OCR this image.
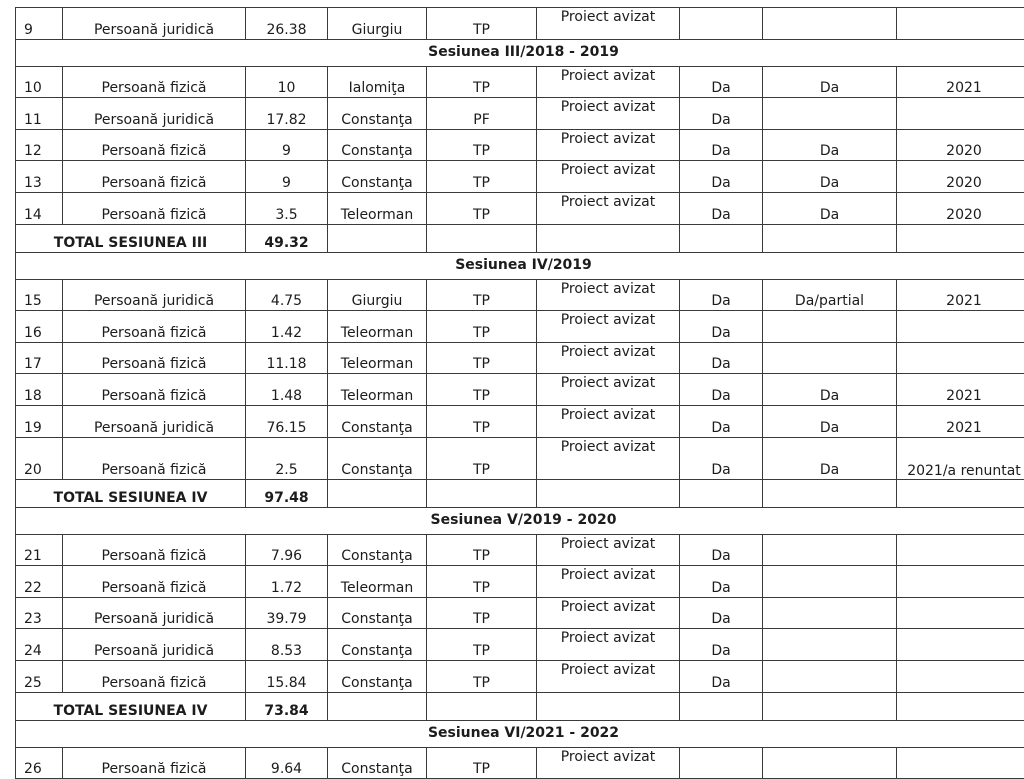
9	Persoană juridică	26.38	Giurgiu	TP	Proiect avizat			
Sesiunea III/2018 - 2019								
10	Persoană fizică	10	Ialomiţa	TP	Proiect avizat	Da	Da	2021
11	Persoană juridică	17.82	Constanţa	PF	Proiect avizat	Da		
12	Persoană fizică	9	Constanţa	TP	Proiect avizat	Da	Da	2020
13	Persoană fizică	9	Constanţa	TP	Proiect avizat	Da	Da	2020
14	Persoană fizică	3.5	Teleorman	TP	Proiect avizat	Da	Da	2020
TOTAL SESIUNEA III		49.32						
Sesiunea IV/2019								
15	Persoană juridică	4.75	Giurgiu	TP	Proiect avizat	Da	Da/partial	2021
16	Persoană fizică	1.42	Teleorman	TP	Proiect avizat	Da		
17	Persoană fizică	11.18	Teleorman	TP	Proiect avizat	Da		
18	Persoană fizică	1.48	Teleorman	TP	Proiect avizat	Da	Da	2021
19	Persoană juridică	76.15	Constanţa	TP	Proiect avizat	Da	Da	2021
20	Persoană fizică	2.5	Constanţa	TP	Proiect avizat	Da	Da	2021/a renuntat
TOTAL SESIUNEA IV		97.48						
Sesiunea V/2019 - 2020								
21	Persoană fizică	7.96	Constanţa	TP	Proiect avizat	Da		
22	Persoană fizică	1.72	Teleorman	TP	Proiect avizat	Da		
23	Persoană juridică	39.79	Constanţa	TP	Proiect avizat	Da		
24	Persoană juridică	8.53	Constanţa	TP	Proiect avizat	Da		
25	Persoană fizică	15.84	Constanţa	TP	Proiect avizat	Da		
TOTAL SESIUNEA IV		73.84						
Sesiunea VI/2021 - 2022								
26	Persoană fizică	9.64	Constanţa	TP	Proiect avizat			
